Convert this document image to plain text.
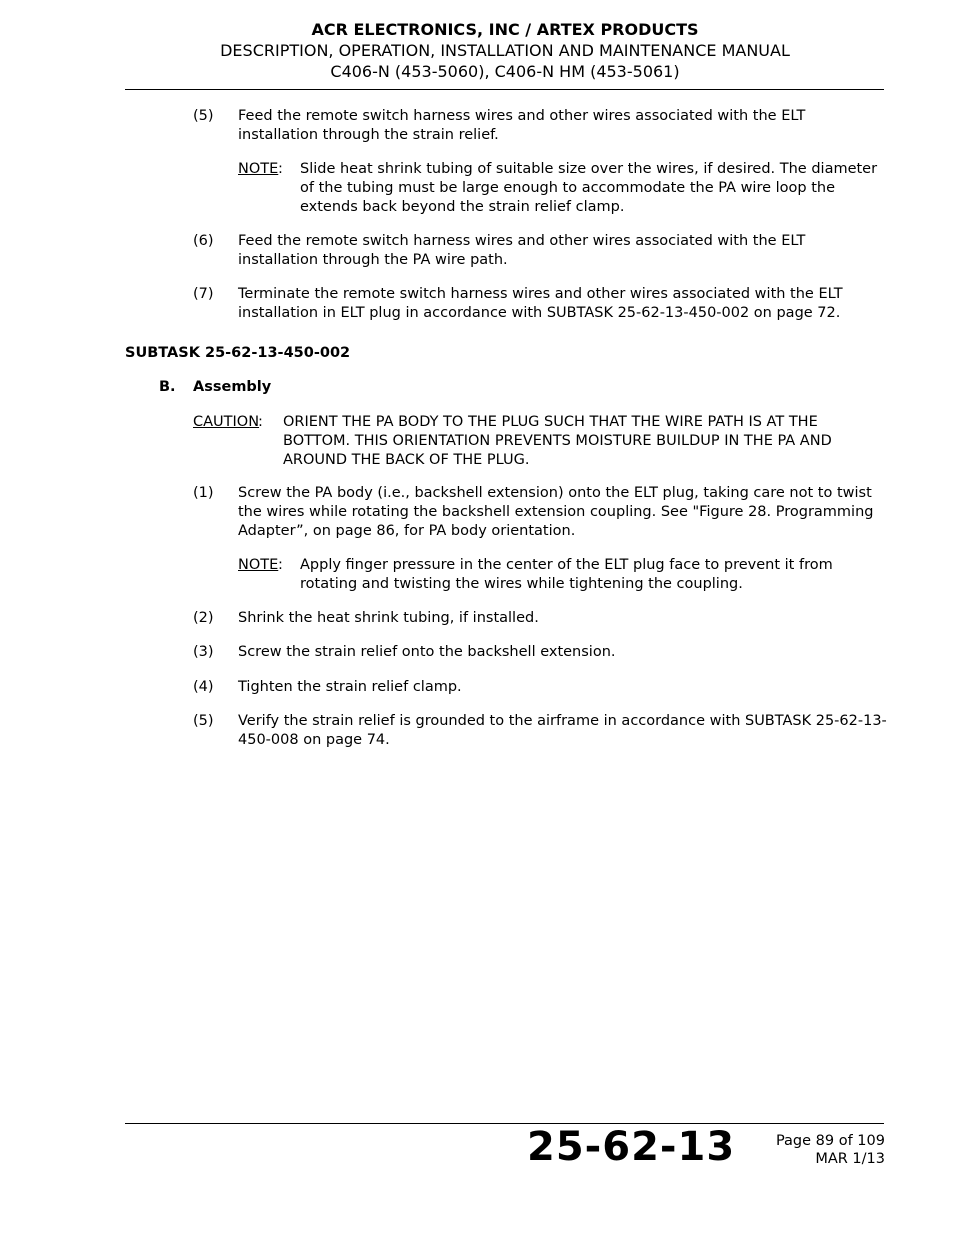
ACR ELECTRONICS, INC / ARTEX PRODUCTS
DESCRIPTION, OPERATION, INSTALLATION AND MAINTENANCE MANUAL
C406-N (453-5060), C406-N HM (453-5061)
(5)	Feed the remote switch harness wires and other wires associated with the ELT installation through the strain relief.
NOTE : Slide heat shrink tubing of suitable size over the wires, if desired. The diameter of the tubing must be large enough to accommodate the PA wire loop the extends back beyond the strain relief clamp.
(6)	Feed the remote switch harness wires and other wires associated with the ELT installation through the PA wire path.
(7)	Terminate the remote switch harness wires and other wires associated with the ELT installation in ELT plug in accordance with SUBTASK 25-62-13-450-002 on page 72.
SUBTASK 25-62-13-450-002
B. Assembly
CAUTION
: ORIENT THE PA BODY TO THE PLUG SUCH THAT THE WIRE PATH IS AT THE BOTTOM. THIS ORIENTATION PREVENTS MOISTURE BUILDUP IN THE PA AND AROUND THE BACK OF THE PLUG.
(1)	Screw the PA body (i.e., backshell extension) onto the ELT plug, taking care not to twist the wires while rotating the backshell extension coupling. See "Figure 28. Programming Adapter”, on page 86, for PA body orientation.
NOTE : Apply finger pressure in the center of the ELT plug face to prevent it from rotating and twisting the wires while tightening the coupling.
(2)	Shrink the heat shrink tubing, if installed.
(3)	Screw the strain relief onto the backshell extension.
(4)	Tighten the strain relief clamp.
(5)	Verify the strain relief is grounded to the airframe in accordance with SUBTASK 25-62-13-450-008 on page 74.
25-62-13	Page 89 of 109
MAR 1/13
